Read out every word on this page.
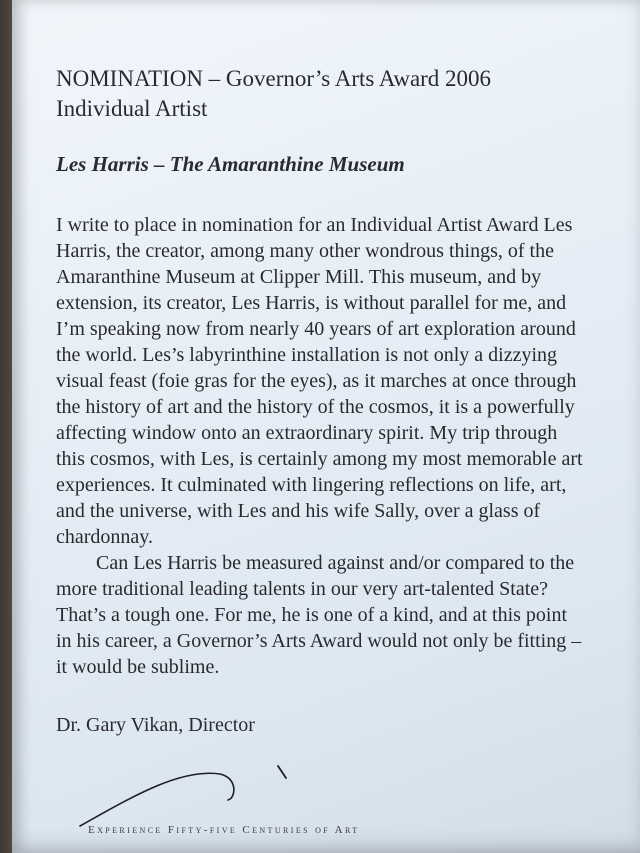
NOMINATION – Governor’s Arts Award 2006
Individual Artist
Les Harris – The Amaranthine Museum

I write to place in nomination for an Individual Artist Award Les Harris, the creator, among many other wondrous things, of the Amaranthine Museum at Clipper Mill. This museum, and by extension, its creator, Les Harris, is without parallel for me, and I’m speaking now from nearly 40 years of art exploration around the world. Les’s labyrinthine installation is not only a dizzying visual feast (foie gras for the eyes), as it marches at once through the history of art and the history of the cosmos, it is a powerfully affecting window onto an extraordinary spirit. My trip through this cosmos, with Les, is certainly among my most memorable art experiences. It culminated with lingering reflections on life, art, and the universe, with Les and his wife Sally, over a glass of chardonnay.

Can Les Harris be measured against and/or compared to the more traditional leading talents in our very art-talented State? That’s a tough one. For me, he is one of a kind, and at this point in his career, a Governor’s Arts Award would not only be fitting – it would be sublime.

Dr. Gary Vikan, Director
Experience Fifty-five Centuries of Art
